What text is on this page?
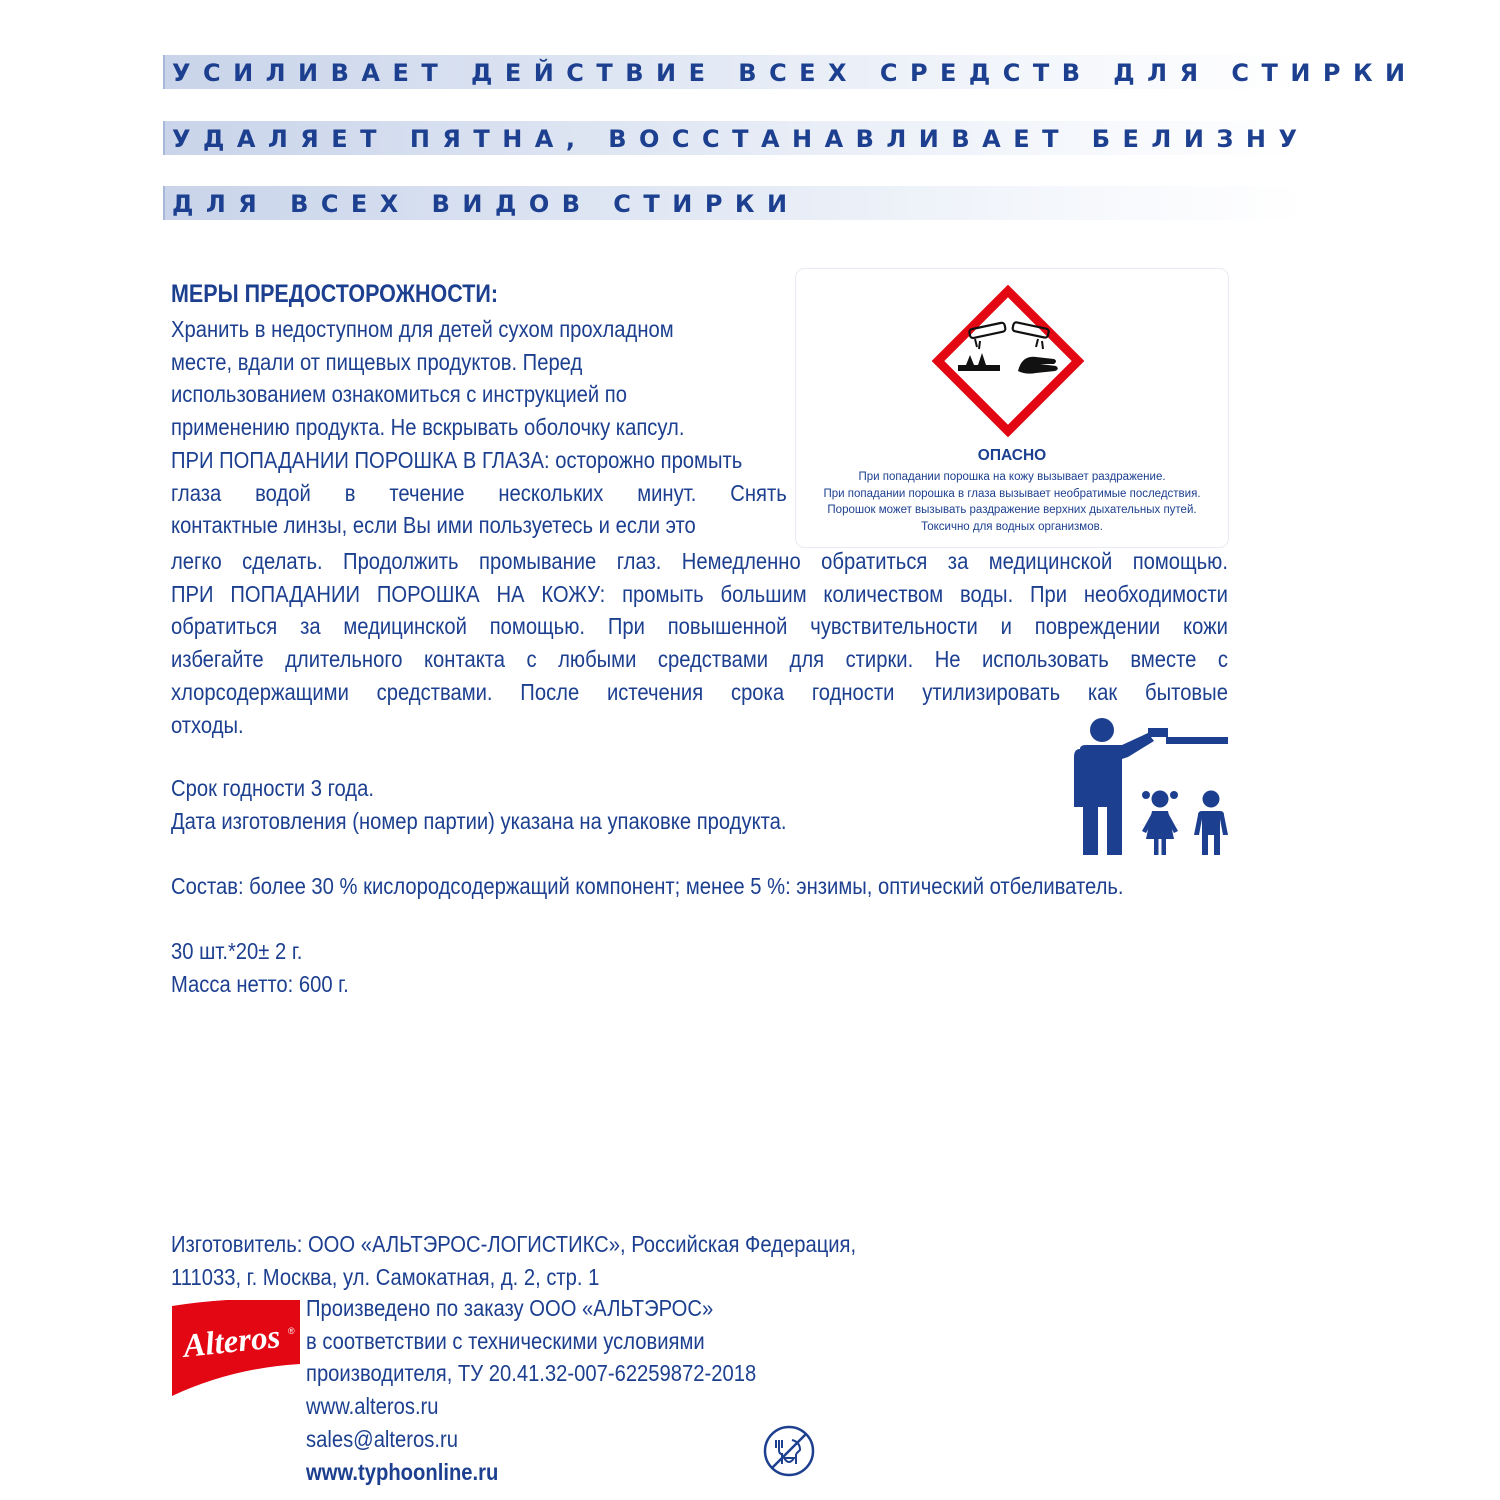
УСИЛИВАЕТ ДЕЙСТВИЕ ВСЕХ СРЕДСТВ ДЛЯ СТИРКИ
УДАЛЯЕТ ПЯТНА, ВОССТАНАВЛИВАЕТ БЕЛИЗНУ
ДЛЯ ВСЕХ ВИДОВ СТИРКИ
МЕРЫ ПРЕДОСТОРОЖНОСТИ:

Хранить в недоступном для детей сухом прохладном

месте, вдали от пищевых продуктов. Перед

использованием ознакомиться с инструкцией по

применению продукта. Не вскрывать оболочку капсул.

ПРИ ПОПАДАНИИ ПОРОШКА В ГЛАЗА: осторожно промыть

глаза водой в течение нескольких минут. Снять

контактные линзы, если Вы ими пользуетесь и если это

легко сделать. Продолжить промывание глаз. Немедленно обратиться за медицинской помощью.

ПРИ ПОПАДАНИИ ПОРОШКА НА КОЖУ: промыть большим количеством воды. При необходимости

обратиться за медицинской помощью. При повышенной чувствительности и повреждении кожи

избегайте длительного контакта с любыми средствами для стирки. Не использовать вместе с

хлорсодержащими средствами. После истечения срока годности утилизировать как бытовые

отходы.

ОПАСНО
При попадании порошка на кожу вызывает раздражение.
При попадании порошка в глаза вызывает необратимые последствия.
Порошок может вызывать раздражение верхних дыхательных путей.
Токсично для водных организмов.

Срок годности 3 года.

Дата изготовления (номер партии) указана на упаковке продукта.

Состав: более 30 % кислородсодержащий компонент; менее 5 %: энзимы, оптический отбеливатель.

30 шт.*20± 2 г.

Масса нетто: 600 г.

Изготовитель: ООО «АЛЬТЭРОС-ЛОГИСТИКС», Российская Федерация,

111033, г. Москва, ул. Самокатная, д. 2, стр. 1

Alteros ®

Произведено по заказу ООО «АЛЬТЭРОС»

в соответствии с техническими условиями

производителя, ТУ 20.41.32-007-62259872-2018

www.alteros.ru

sales@alteros.ru

www.typhoonline.ru
